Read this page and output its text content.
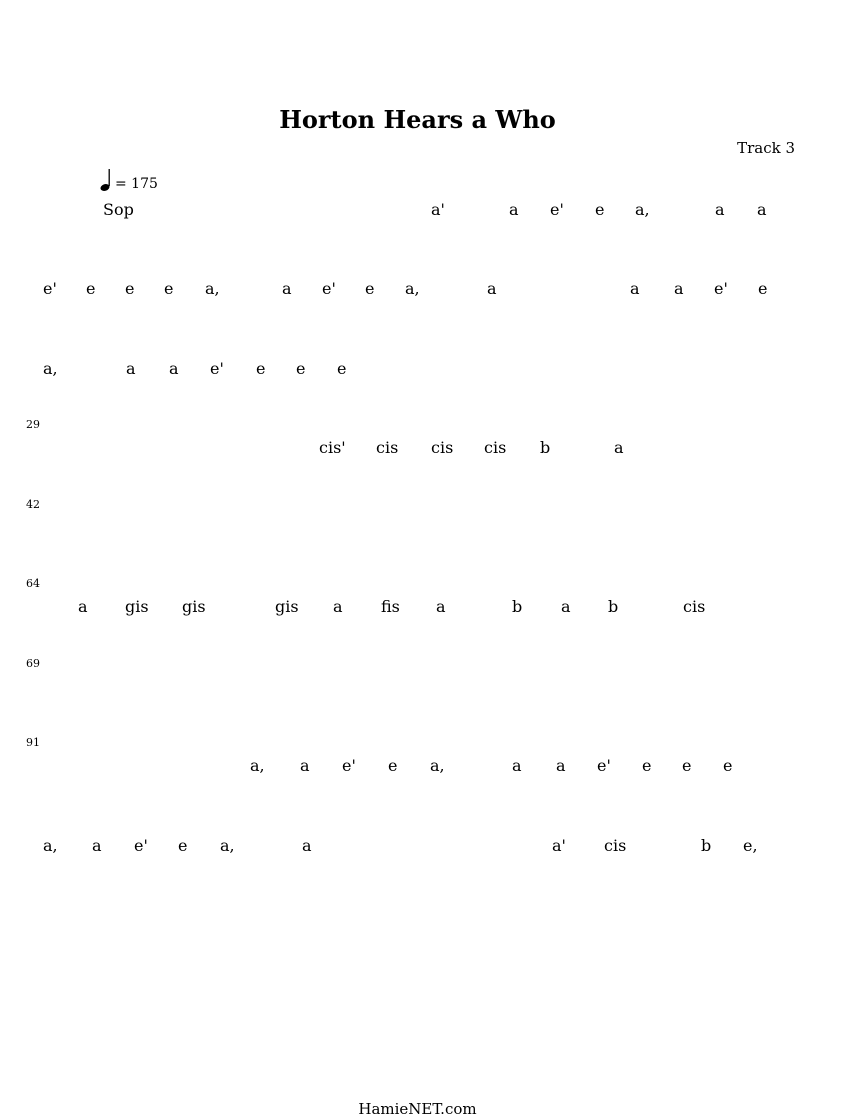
Horton Hears a Who
Track 3
= 175
Sop	a'	a e' e a,	a a
e' e e e a,	a e' e a,	a	a a e' e
a,	a a e' e e e
29
cis' cis cis cis b	a
42
64
a gis gis	gis a fis a	b a b	cis
69
91
a, a e' e a,	a a e' e e e
a, a e' e a,	a	a' cis	b e,
HamieNET.com
